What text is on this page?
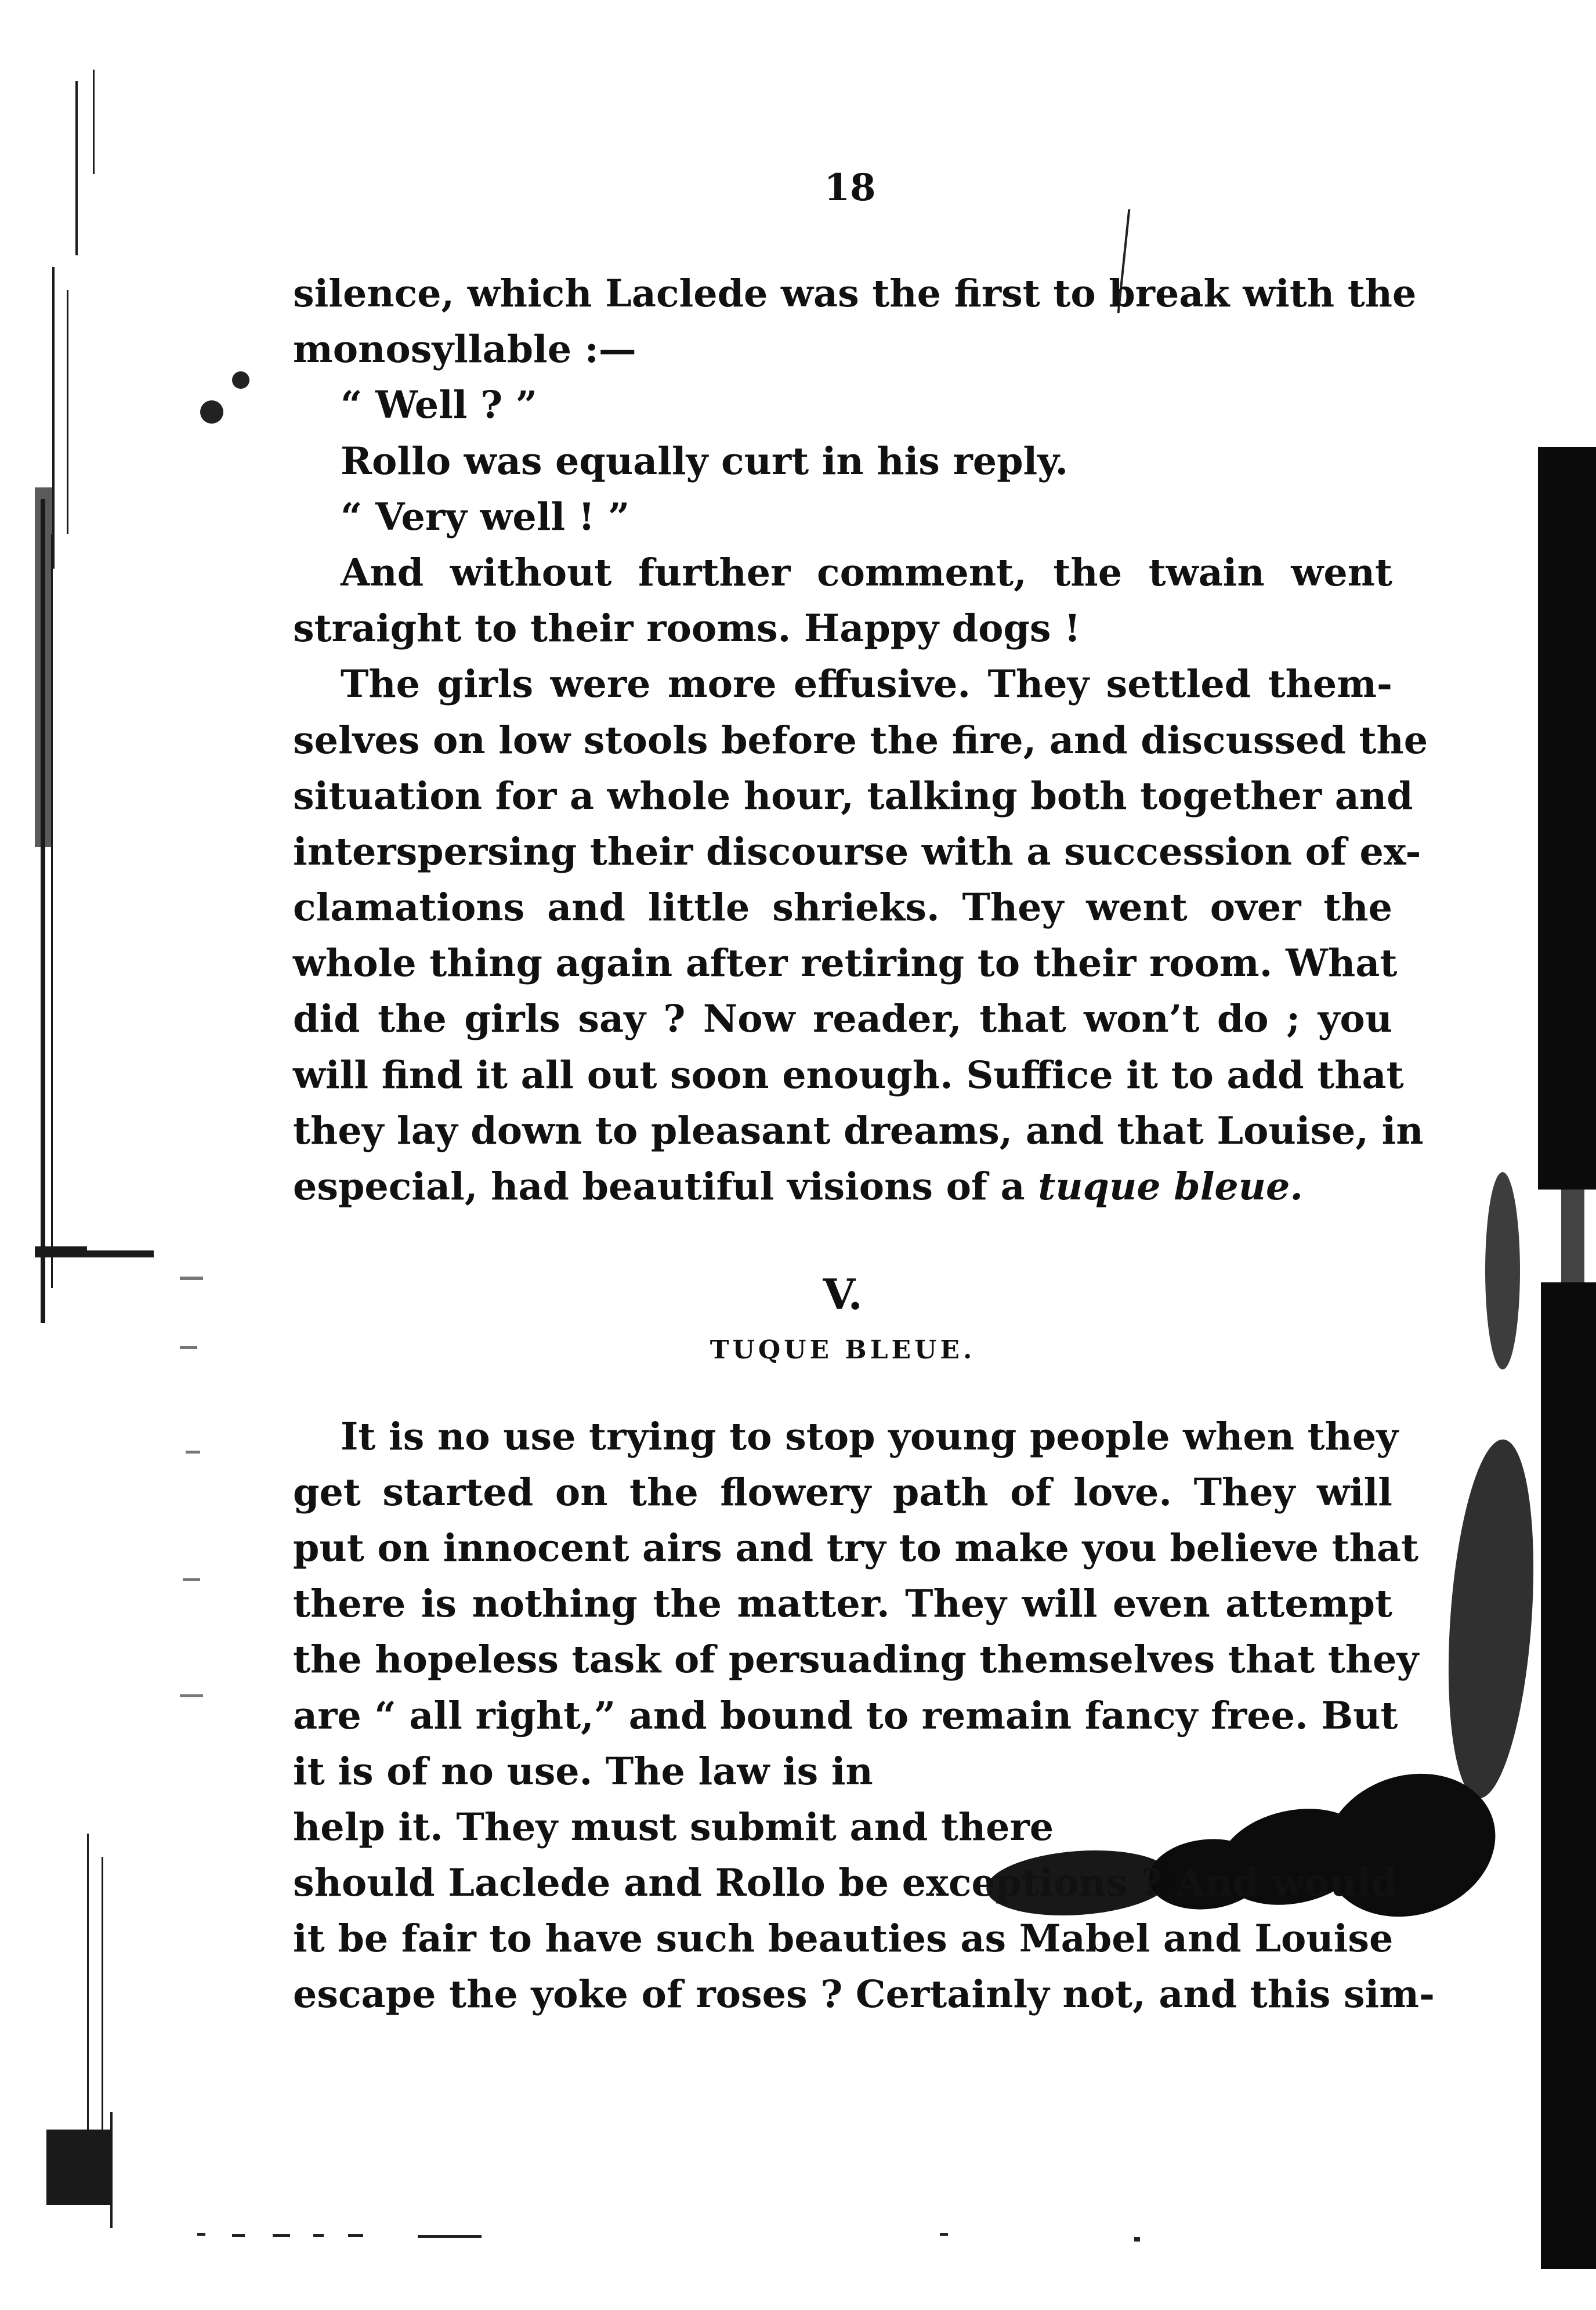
18
silence, which Laclede was the first to break with the
monosyllable :—
“ Well ? ”
Rollo was equally curt in his reply.
“ Very well ! ”
And without further comment, the twain went
straight to their rooms. Happy dogs !
The girls were more effusive. They settled them-
selves on low stools before the fire, and discussed the
situation for a whole hour, talking both together and
interspersing their discourse with a succession of ex-
clamations and little shrieks. They went over the
whole thing again after retiring to their room. What
did the girls say ? Now reader, that won’t do ; you
will find it all out soon enough. Suffice it to add that
they lay down to pleasant dreams, and that Louise, in
especial, had beautiful visions of a tuque bleue.
V.
TUQUE BLEUE.
It is no use trying to stop young people when they
get started on the flowery path of love. They will
put on innocent airs and try to make you believe that
there is nothing the matter. They will even attempt
the hopeless task of persuading themselves that they
are “ all right,” and bound to remain fancy free. But
it is of no use. The law is in
help it. They must submit and there
should Laclede and Rollo be exceptions ? And would
it be fair to have such beauties as Mabel and Louise
escape the yoke of roses ? Certainly not, and this sim-
